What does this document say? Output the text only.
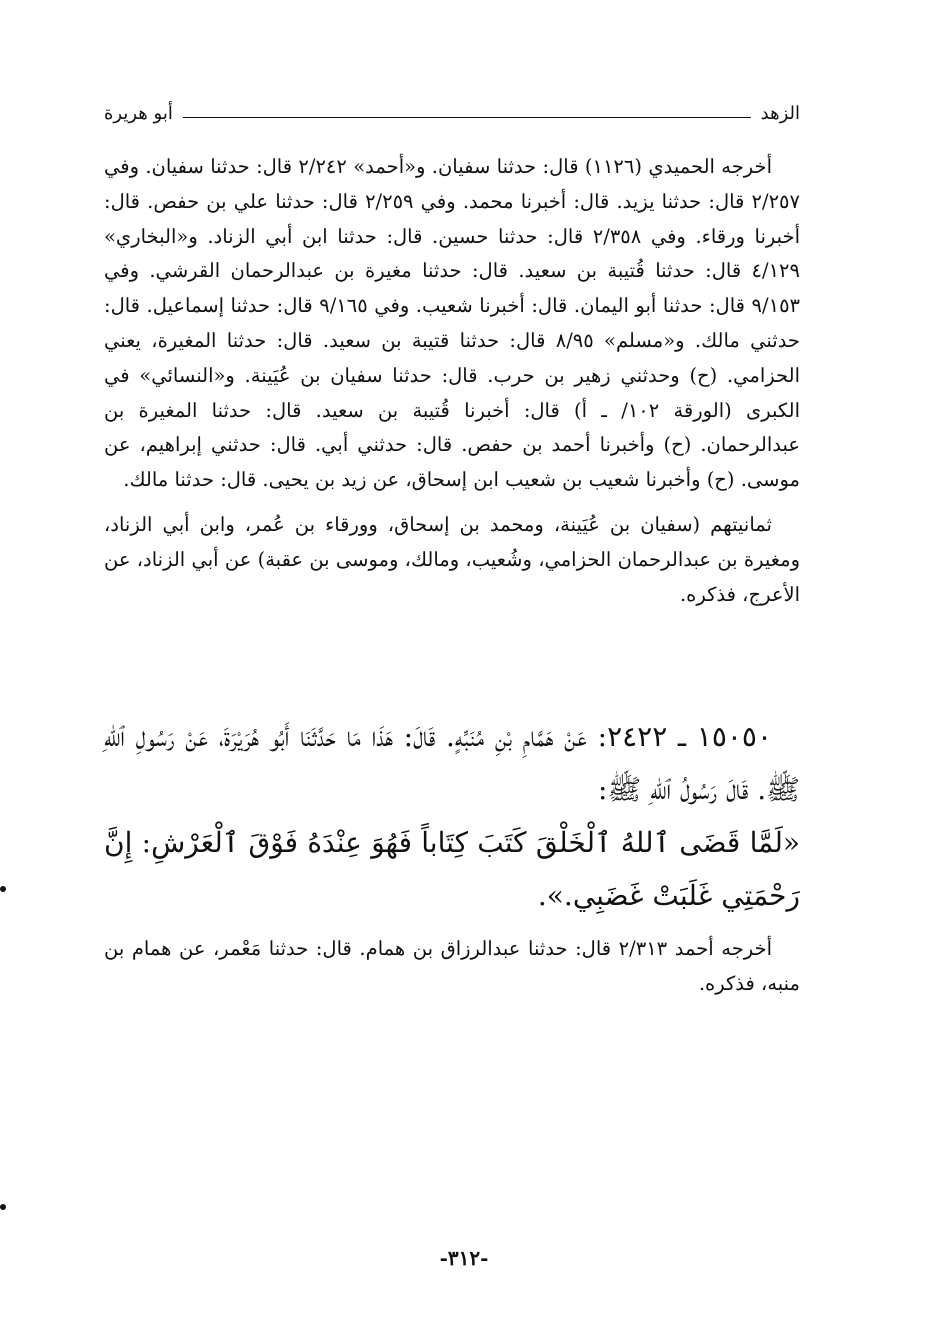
الزهد
أبو هريرة

أخرجه الحميدي (١١٢٦) قال: حدثنا سفيان. و«أحمد» ٢/٢٤٢ قال: حدثنا سفيان. وفي ٢/٢٥٧ قال: حدثنا يزيد. قال: أخبرنا محمد. وفي ٢/٢٥٩ قال: حدثنا علي بن حفص. قال: أخبرنا ورقاء. وفي ٢/٣٥٨ قال: حدثنا حسين. قال: حدثنا ابن أبي الزناد. و«البخاري» ٤/١٢٩ قال: حدثنا قُتيبة بن سعيد. قال: حدثنا مغيرة بن عبدالرحمان القرشي. وفي ٩/١٥٣ قال: حدثنا أبو اليمان. قال: أخبرنا شعيب. وفي ٩/١٦٥ قال: حدثنا إسماعيل. قال: حدثني مالك. و«مسلم» ٨/٩٥ قال: حدثنا قتيبة بن سعيد. قال: حدثنا المغيرة، يعني الحزامي. (ح) وحدثني زهير بن حرب. قال: حدثنا سفيان بن عُيَينة. و«النسائي» في الكبرى (الورقة ١٠٢/ ـ أ) قال: أخبرنا قُتيبة بن سعيد. قال: حدثنا المغيرة بن عبدالرحمان. (ح) وأخبرنا أحمد بن حفص. قال: حدثني أبي. قال: حدثني إبراهيم، عن موسى. (ح) وأخبرنا شعيب بن شعيب ابن إسحاق، عن زيد بن يحيى. قال: حدثنا مالك.

ثمانيتهم (سفيان بن عُيَينة، ومحمد بن إسحاق، وورقاء بن عُمر، وابن أبي الزناد، ومغيرة بن عبدالرحمان الحزامي، وشُعيب، ومالك، وموسى بن عقبة) عن أبي الزناد، عن الأعرج، فذكره.

١٥٠٥٠ ـ ٢٤٢٢: عَنْ هَمَّامِ بْنِ مُنَبِّهٍ. قَالَ: هَذَا مَا حَدَّثَنَا أَبُو هُرَيْرَةَ، عَنْ رَسُولِ ٱللهِ ﷺ. قَالَ رَسُولُ ٱللهِ ﷺ:

«لَمَّا قَضَى ٱللهُ ٱلْخَلْقَ كَتَبَ كِتَاباً فَهُوَ عِنْدَهُ فَوْقَ ٱلْعَرْشِ: إِنَّ رَحْمَتِي غَلَبَتْ غَضَبِي.».

أخرجه أحمد ٢/٣١٣ قال: حدثنا عبدالرزاق بن همام. قال: حدثنا مَعْمر، عن همام بن منبه، فذكره.

-٣١٢-
